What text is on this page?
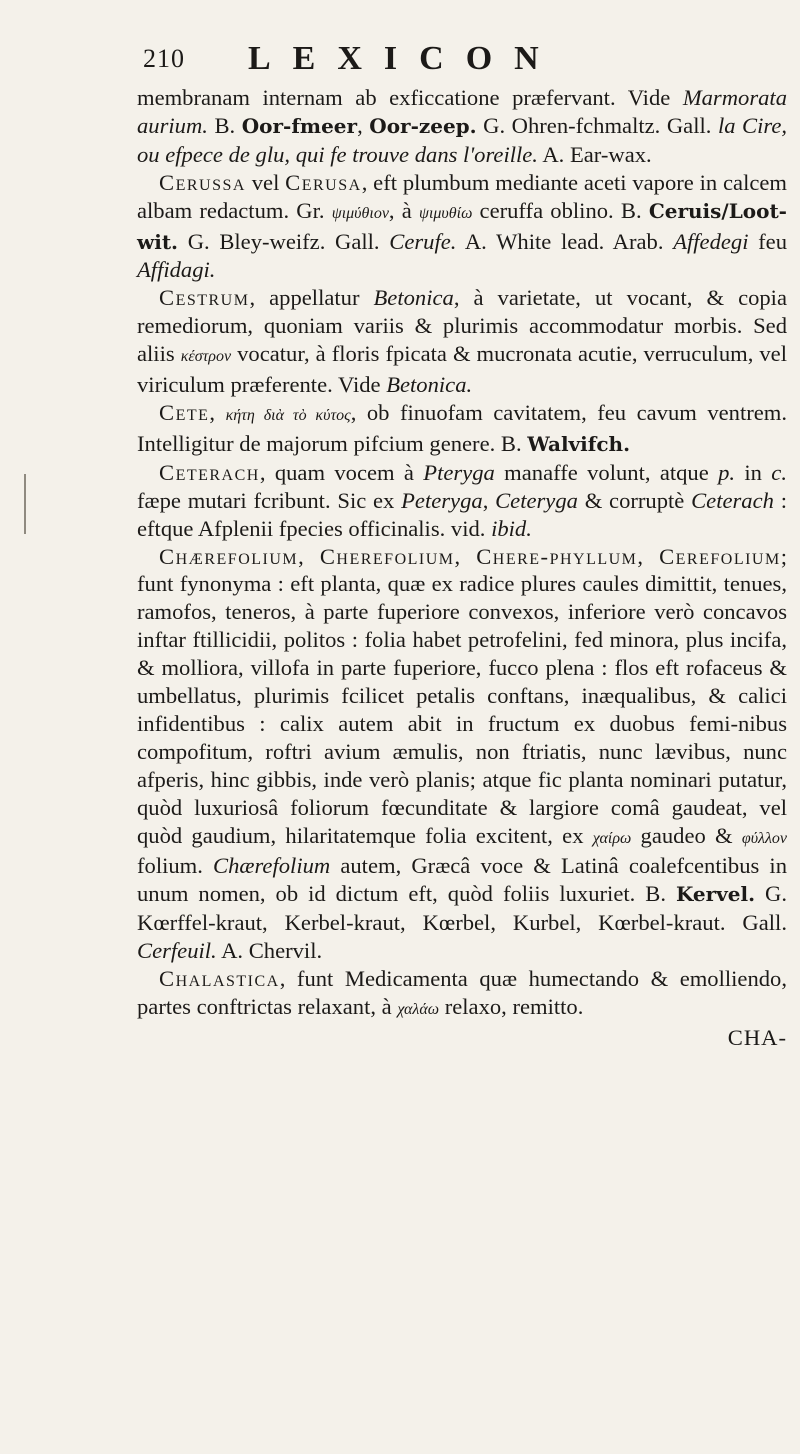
210 LEXICON

membranam internam ab exficcatione præfervant. Vide Marmorata aurium. B. Oor-fmeer, Oor-zeep. G. Ohren-fchmaltz. Gall. la Cire, ou efpece de glu, qui fe trouve dans l'oreille. A. Ear-wax.

Cerussa vel Cerusa, eft plumbum mediante aceti vapore in calcem albam redactum. Gr. ψιμύθιον, à ψιμυθίω ceruffa oblino. B. Ceruis/Loot-wit. G. Bley-weifz. Gall. Cerufe. A. White lead. Arab. Affedegi feu Affidagi.

Cestrum, appellatur Betonica, à varietate, ut vocant, & copia remediorum, quoniam variis & plurimis accommodatur morbis. Sed aliis κέστρον vocatur, à floris fpicata & mucronata acutie, verruculum, vel viriculum præferente. Vide Betonica.

Cete, κήτη διὰ τὸ κύτος, ob finuofam cavitatem, feu cavum ventrem. Intelligitur de majorum pifcium genere. B. Walvifch.

Ceterach, quam vocem à Pteryga manaffe volunt, atque p. in c. fæpe mutari fcribunt. Sic ex Peteryga, Ceteryga & corruptè Ceterach : eftque Afplenii fpecies officinalis. vid. ibid.

Chærefolium, Cherefolium, Chere-phyllum, Cerefolium; funt fynonyma : eft planta, quæ ex radice plures caules dimittit, tenues, ramofos, teneros, à parte fuperiore convexos, inferiore verò concavos inftar ftillicidii, politos : folia habet petrofelini, fed minora, plus incifa, & molliora, villofa in parte fuperiore, fucco plena : flos eft rofaceus & umbellatus, plurimis fcilicet petalis conftans, inæqualibus, & calici infidentibus : calix autem abit in fructum ex duobus femi-nibus compofitum, roftri avium æmulis, non ftriatis, nunc lævibus, nunc afperis, hinc gibbis, inde verò planis; atque fic planta nominari putatur, quòd luxuriosâ foliorum fœcunditate & largiore comâ gaudeat, vel quòd gaudium, hilaritatemque folia excitent, ex χαίρω gaudeo & φύλλον folium. Chærefolium autem, Græcâ voce & Latinâ coalefcentibus in unum nomen, ob id dictum eft, quòd foliis luxuriet. B. Kervel. G. Kœrffel-kraut, Kerbel-kraut, Kœrbel, Kurbel, Kœrbel-kraut. Gall. Cerfeuil. A. Chervil.

Chalastica, funt Medicamenta quæ humectando & emolliendo, partes conftrictas relaxant, à χαλάω relaxo, remitto.
CHA-
